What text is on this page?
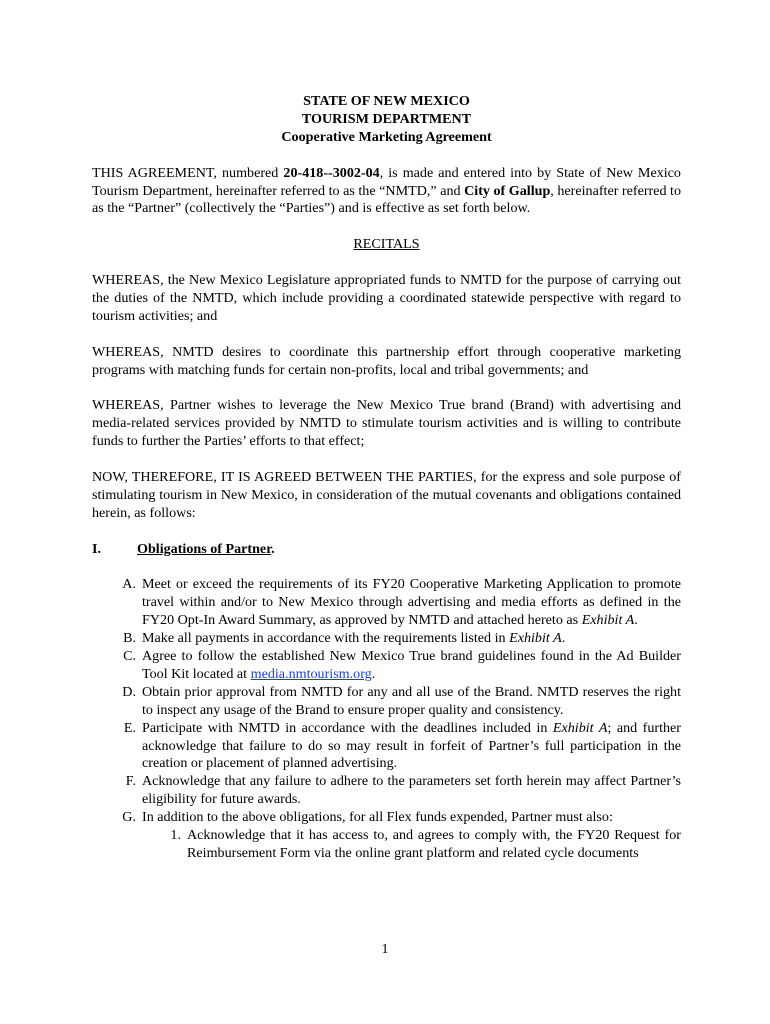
STATE OF NEW MEXICO
TOURISM DEPARTMENT
Cooperative Marketing Agreement

THIS AGREEMENT, numbered 20-418--3002-04, is made and entered into by State of New Mexico Tourism Department, hereinafter referred to as the “NMTD,” and City of Gallup, hereinafter referred to as the “Partner” (collectively the “Parties”) and is effective as set forth below.

RECITALS

WHEREAS, the New Mexico Legislature appropriated funds to NMTD for the purpose of carrying out the duties of the NMTD, which include providing a coordinated statewide perspective with regard to tourism activities; and

WHEREAS, NMTD desires to coordinate this partnership effort through cooperative marketing programs with matching funds for certain non-profits, local and tribal governments; and

WHEREAS, Partner wishes to leverage the New Mexico True brand (Brand) with advertising and media-related services provided by NMTD to stimulate tourism activities and is willing to contribute funds to further the Parties’ efforts to that effect;

NOW, THEREFORE, IT IS AGREED BETWEEN THE PARTIES, for the express and sole purpose of stimulating tourism in New Mexico, in consideration of the mutual covenants and obligations contained herein, as follows:

I.	Obligations of Partner.
A. Meet or exceed the requirements of its FY20 Cooperative Marketing Application to promote travel within and/or to New Mexico through advertising and media efforts as defined in the FY20 Opt-In Award Summary, as approved by NMTD and attached hereto as Exhibit A.
B. Make all payments in accordance with the requirements listed in Exhibit A.
C. Agree to follow the established New Mexico True brand guidelines found in the Ad Builder Tool Kit located at media.nmtourism.org.
D. Obtain prior approval from NMTD for any and all use of the Brand. NMTD reserves the right to inspect any usage of the Brand to ensure proper quality and consistency.
E. Participate with NMTD in accordance with the deadlines included in Exhibit A; and further acknowledge that failure to do so may result in forfeit of Partner’s full participation in the creation or placement of planned advertising.
F. Acknowledge that any failure to adhere to the parameters set forth herein may affect Partner’s eligibility for future awards.
G. In addition to the above obligations, for all Flex funds expended, Partner must also:
1. Acknowledge that it has access to, and agrees to comply with, the FY20 Request for Reimbursement Form via the online grant platform and related cycle documents
1
